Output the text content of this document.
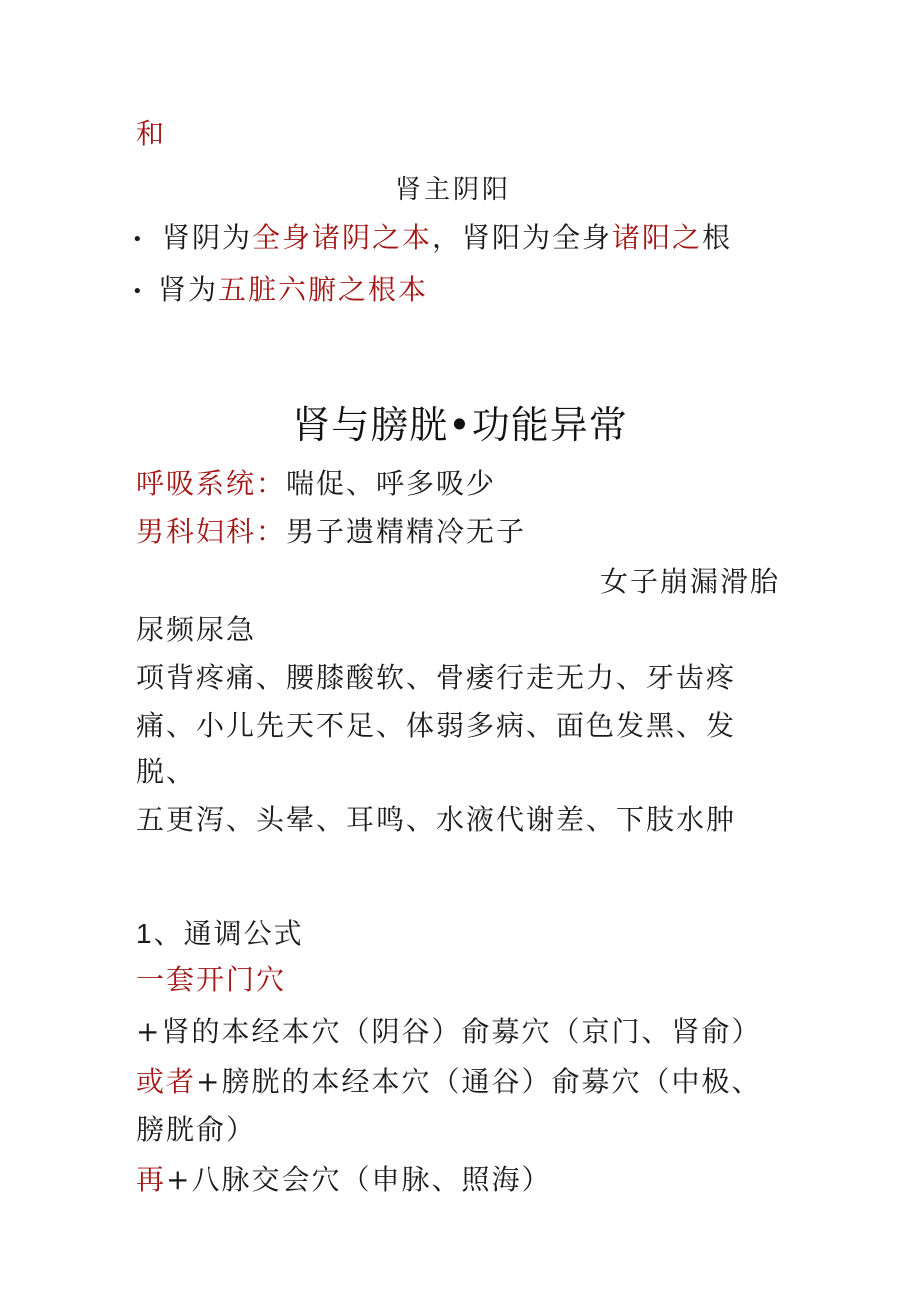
和
肾主阴阳
• 肾阴为全身诸阴之本，肾阳为全身诸阳之根
• 肾为五脏六腑之根本
肾与膀胱•功能异常
呼吸系统：喘促、呼多吸少
男科妇科：男子遗精精冷无子
女子崩漏滑胎
尿频尿急
项背疼痛、腰膝酸软、骨痿行走无力、牙齿疼
痛、小儿先天不足、体弱多病、面色发黑、发
脱、
五更泻、头晕、耳鸣、水液代谢差、下肢水肿
1、通调公式
一套开门穴
+肾的本经本穴（阴谷）俞募穴（京门、肾俞）
或者+膀胱的本经本穴（通谷）俞募穴（中极、
膀胱俞）
再+八脉交会穴（申脉、照海）
